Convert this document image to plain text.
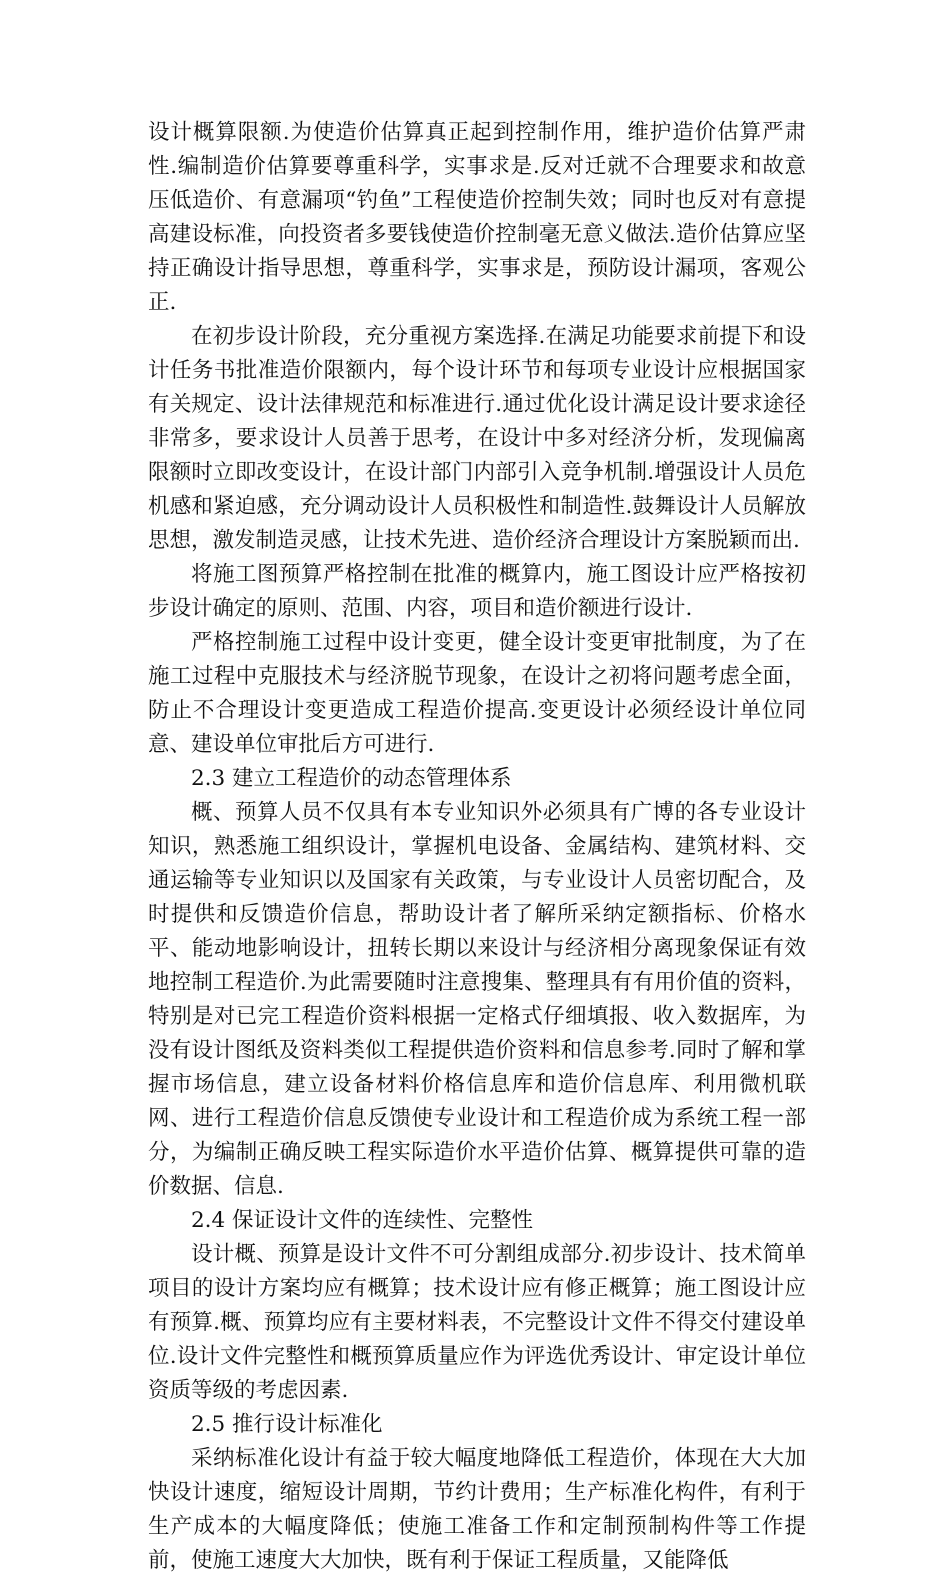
设计概算限额.为使造价估算真正起到控制作用，维护造价估算严肃性.编制造价估算要尊重科学，实事求是.反对迁就不合理要求和故意压低造价、有意漏项“钓鱼”工程使造价控制失效；同时也反对有意提高建设标准，向投资者多要钱使造价控制毫无意义做法.造价估算应坚持正确设计指导思想，尊重科学，实事求是，预防设计漏项，客观公正.

在初步设计阶段，充分重视方案选择.在满足功能要求前提下和设计任务书批准造价限额内，每个设计环节和每项专业设计应根据国家有关规定、设计法律规范和标准进行.通过优化设计满足设计要求途径非常多，要求设计人员善于思考，在设计中多对经济分析，发现偏离限额时立即改变设计，在设计部门内部引入竞争机制.增强设计人员危机感和紧迫感，充分调动设计人员积极性和制造性.鼓舞设计人员解放思想，激发制造灵感，让技术先进、造价经济合理设计方案脱颖而出.

将施工图预算严格控制在批准的概算内，施工图设计应严格按初步设计确定的原则、范围、内容，项目和造价额进行设计.

严格控制施工过程中设计变更，健全设计变更审批制度，为了在施工过程中克服技术与经济脱节现象，在设计之初将问题考虑全面，防止不合理设计变更造成工程造价提高.变更设计必须经设计单位同意、建设单位审批后方可进行.

2.3 建立工程造价的动态管理体系

概、预算人员不仅具有本专业知识外必须具有广博的各专业设计知识，熟悉施工组织设计，掌握机电设备、金属结构、建筑材料、交通运输等专业知识以及国家有关政策，与专业设计人员密切配合，及时提供和反馈造价信息，帮助设计者了解所采纳定额指标、价格水平、能动地影响设计，扭转长期以来设计与经济相分离现象保证有效地控制工程造价.为此需要随时注意搜集、整理具有有用价值的资料，特别是对已完工程造价资料根据一定格式仔细填报、收入数据库，为没有设计图纸及资料类似工程提供造价资料和信息参考.同时了解和掌握市场信息，建立设备材料价格信息库和造价信息库、利用微机联网、进行工程造价信息反馈使专业设计和工程造价成为系统工程一部分，为编制正确反映工程实际造价水平造价估算、概算提供可靠的造价数据、信息.

2.4 保证设计文件的连续性、完整性

设计概、预算是设计文件不可分割组成部分.初步设计、技术简单项目的设计方案均应有概算；技术设计应有修正概算；施工图设计应有预算.概、预算均应有主要材料表，不完整设计文件不得交付建设单位.设计文件完整性和概预算质量应作为评选优秀设计、审定设计单位资质等级的考虑因素.

2.5 推行设计标准化

采纳标准化设计有益于较大幅度地降低工程造价，体现在大大加快设计速度，缩短设计周期，节约计费用；生产标准化构件，有利于生产成本的大幅度降低；使施工准备工作和定制预制构件等工作提前，使施工速度大大加快，既有利于保证工程质量，又能降低
